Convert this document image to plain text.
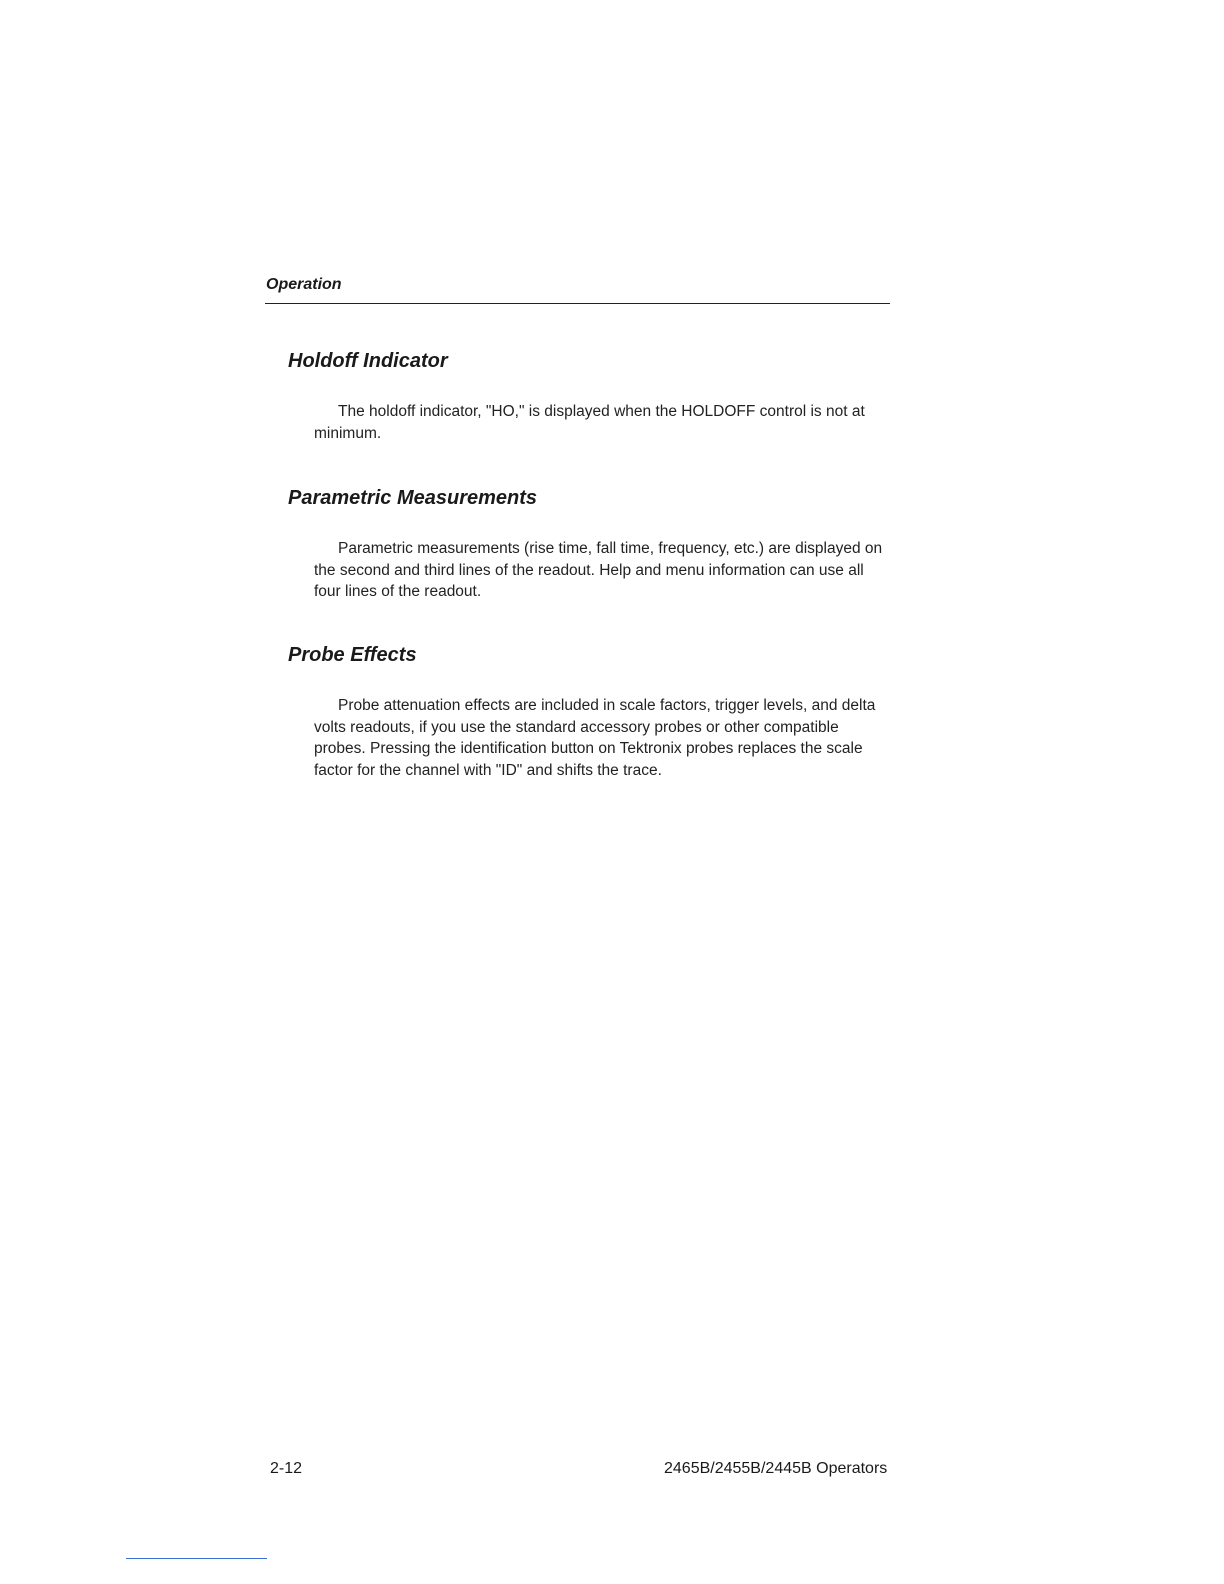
Operation
Holdoff Indicator

The holdoff indicator, "HO," is displayed when the HOLDOFF control is not at minimum.

Parametric Measurements

Parametric measurements (rise time, fall time, frequency, etc.) are displayed on the second and third lines of the readout. Help and menu information can use all four lines of the readout.

Probe Effects

Probe attenuation effects are included in scale factors, trigger levels, and delta volts readouts, if you use the standard accessory probes or other compatible probes. Pressing the identification button on Tektronix probes replaces the scale factor for the channel with "ID" and shifts the trace.

2-12	2465B/2455B/2445B Operators
